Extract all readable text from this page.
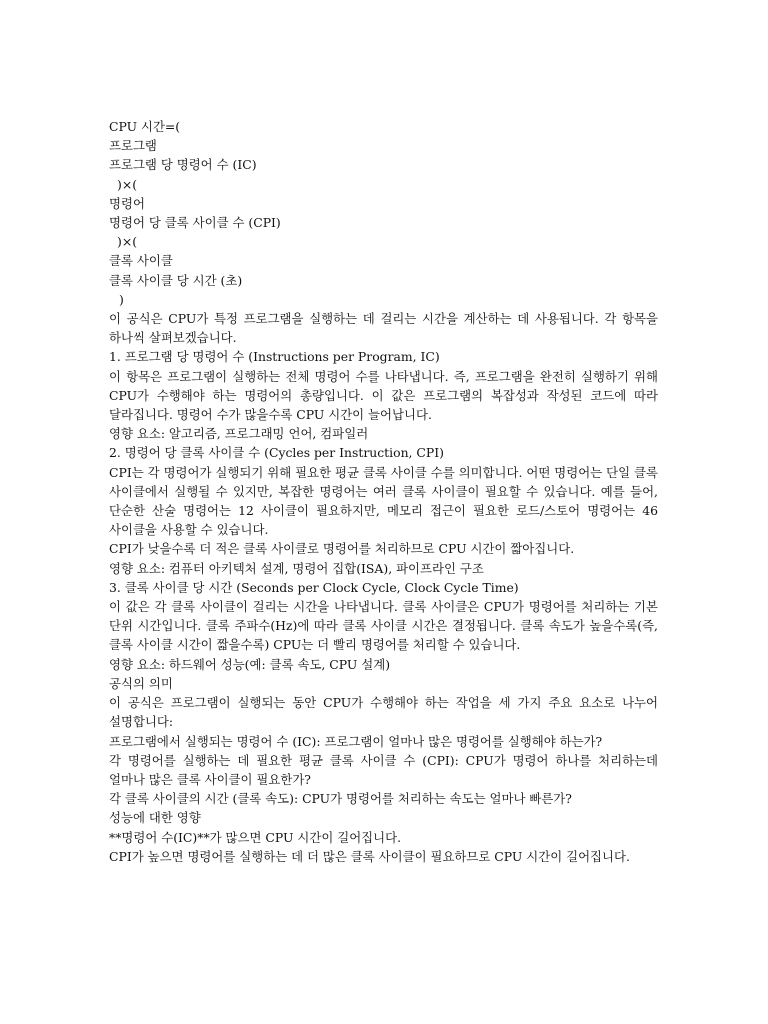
CPU 시간=(
프로그램
프로그램 당 명령어 수 (IC)
)×(
명령어
명령어 당 클록 사이클 수 (CPI)
)×(
클록 사이클
클록 사이클 당 시간 (초)
)

이 공식은 CPU가 특정 프로그램을 실행하는 데 걸리는 시간을 계산하는 데 사용됩니다. 각 항목을 하나씩 살펴보겠습니다.

1. 프로그램 당 명령어 수 (Instructions per Program, IC)

이 항목은 프로그램이 실행하는 전체 명령어 수를 나타냅니다. 즉, 프로그램을 완전히 실행하기 위해 CPU가 수행해야 하는 명령어의 총량입니다. 이 값은 프로그램의 복잡성과 작성된 코드에 따라 달라집니다. 명령어 수가 많을수록 CPU 시간이 늘어납니다.

영향 요소: 알고리즘, 프로그래밍 언어, 컴파일러
2. 명령어 당 클록 사이클 수 (Cycles per Instruction, CPI)

CPI는 각 명령어가 실행되기 위해 필요한 평균 클록 사이클 수를 의미합니다. 어떤 명령어는 단일 클록 사이클에서 실행될 수 있지만, 복잡한 명령어는 여러 클록 사이클이 필요할 수 있습니다. 예를 들어, 단순한 산술 명령어는 12 사이클이 필요하지만, 메모리 접근이 필요한 로드/스토어 명령어는 46 사이클을 사용할 수 있습니다.

CPI가 낮을수록 더 적은 클록 사이클로 명령어를 처리하므로 CPU 시간이 짧아집니다.
영향 요소: 컴퓨터 아키텍처 설계, 명령어 집합(ISA), 파이프라인 구조
3. 클록 사이클 당 시간 (Seconds per Clock Cycle, Clock Cycle Time)

이 값은 각 클록 사이클이 걸리는 시간을 나타냅니다. 클록 사이클은 CPU가 명령어를 처리하는 기본 단위 시간입니다. 클록 주파수(Hz)에 따라 클록 사이클 시간은 결정됩니다. 클록 속도가 높을수록(즉, 클록 사이클 시간이 짧을수록) CPU는 더 빨리 명령어를 처리할 수 있습니다.

영향 요소: 하드웨어 성능(예: 클록 속도, CPU 설계)
공식의 의미

이 공식은 프로그램이 실행되는 동안 CPU가 수행해야 하는 작업을 세 가지 주요 요소로 나누어 설명합니다:

프로그램에서 실행되는 명령어 수 (IC): 프로그램이 얼마나 많은 명령어를 실행해야 하는가?

각 명령어를 실행하는 데 필요한 평균 클록 사이클 수 (CPI): CPU가 명령어 하나를 처리하는데 얼마나 많은 클록 사이클이 필요한가?

각 클록 사이클의 시간 (클록 속도): CPU가 명령어를 처리하는 속도는 얼마나 빠른가?
성능에 대한 영향
**명령어 수(IC)**가 많으면 CPU 시간이 길어집니다.

CPI가 높으면 명령어를 실행하는 데 더 많은 클록 사이클이 필요하므로 CPU 시간이 길어집니다.
